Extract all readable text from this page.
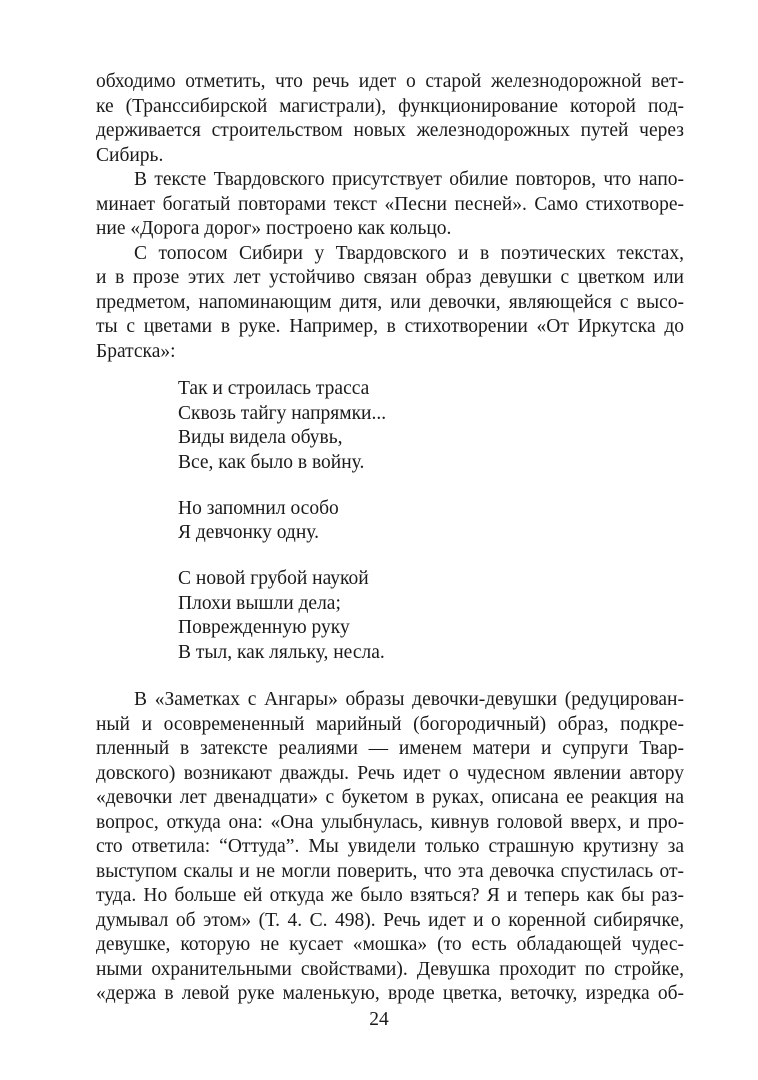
обходимо отметить, что речь идет о старой железнодорожной вет-
ке (Транссибирской магистрали), функционирование которой под-
держивается строительством новых железнодорожных путей через
Сибирь.
В тексте Твардовского присутствует обилие повторов, что напо-
минает богатый повторами текст «Песни песней». Само стихотворе-
ние «Дорога дорог» построено как кольцо.
С топосом Сибири у Твардовского и в поэтических текстах,
и в прозе этих лет устойчиво связан образ девушки с цветком или
предметом, напоминающим дитя, или девочки, являющейся с высо-
ты с цветами в руке. Например, в стихотворении «От Иркутска до
Братска»:
Так и строилась трасса
Сквозь тайгу напрямки...
Виды видела обувь,
Все, как было в войну.
Но запомнил особо
Я девчонку одну.
С новой грубой наукой
Плохи вышли дела;
Поврежденную руку
В тыл, как ляльку, несла.
В «Заметках с Ангары» образы девочки-девушки (редуцирован-
ный и осовремененный марийный (богородичный) образ, подкре-
пленный в затексте реалиями — именем матери и супруги Твар-
довского) возникают дважды. Речь идет о чудесном явлении автору
«девочки лет двенадцати» с букетом в руках, описана ее реакция на
вопрос, откуда она: «Она улыбнулась, кивнув головой вверх, и про-
сто ответила: “Оттуда”. Мы увидели только страшную крутизну за
выступом скалы и не могли поверить, что эта девочка спустилась от-
туда. Но больше ей откуда же было взяться? Я и теперь как бы раз-
думывал об этом» (Т. 4. С. 498). Речь идет и о коренной сибирячке,
девушке, которую не кусает «мошка» (то есть обладающей чудес-
ными охранительными свойствами). Девушка проходит по стройке,
«держа в левой руке маленькую, вроде цветка, веточку, изредка об-
24
